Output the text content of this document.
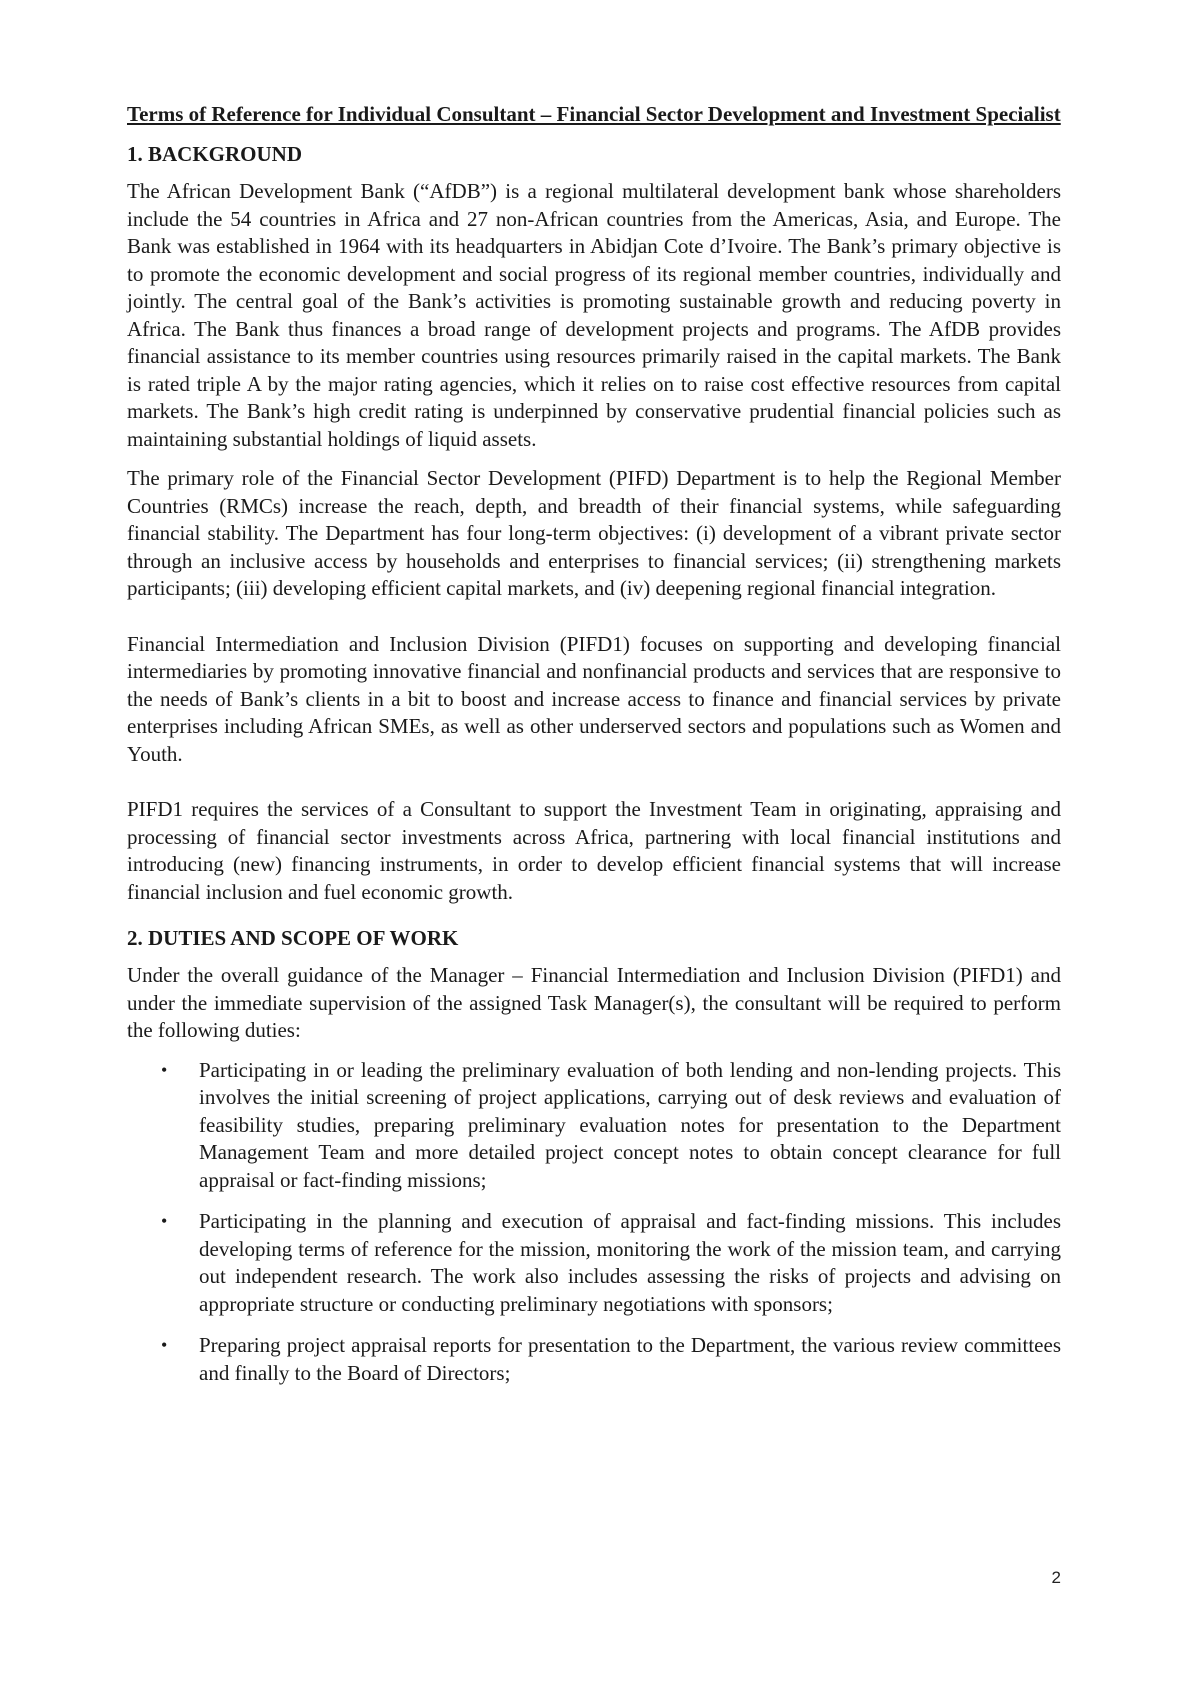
Terms of Reference for Individual Consultant – Financial Sector Development and Investment Specialist
1. BACKGROUND

The African Development Bank (“AfDB”) is a regional multilateral development bank whose shareholders include the 54 countries in Africa and 27 non-African countries from the Americas, Asia, and Europe. The Bank was established in 1964 with its headquarters in Abidjan Cote d’Ivoire. The Bank’s primary objective is to promote the economic development and social progress of its regional member countries, individually and jointly. The central goal of the Bank’s activities is promoting sustainable growth and reducing poverty in Africa. The Bank thus finances a broad range of development projects and programs. The AfDB provides financial assistance to its member countries using resources primarily raised in the capital markets. The Bank is rated triple A by the major rating agencies, which it relies on to raise cost effective resources from capital markets. The Bank’s high credit rating is underpinned by conservative prudential financial policies such as maintaining substantial holdings of liquid assets.

The primary role of the Financial Sector Development (PIFD) Department is to help the Regional Member Countries (RMCs) increase the reach, depth, and breadth of their financial systems, while safeguarding financial stability. The Department has four long-term objectives: (i) development of a vibrant private sector through an inclusive access by households and enterprises to financial services; (ii) strengthening markets participants; (iii) developing efficient capital markets, and (iv) deepening regional financial integration.

Financial Intermediation and Inclusion Division (PIFD1) focuses on supporting and developing financial intermediaries by promoting innovative financial and nonfinancial products and services that are responsive to the needs of Bank’s clients in a bit to boost and increase access to finance and financial services by private enterprises including African SMEs, as well as other underserved sectors and populations such as Women and Youth.

PIFD1 requires the services of a Consultant to support the Investment Team in originating, appraising and processing of financial sector investments across Africa, partnering with local financial institutions and introducing (new) financing instruments, in order to develop efficient financial systems that will increase financial inclusion and fuel economic growth.

2. DUTIES AND SCOPE OF WORK

Under the overall guidance of the Manager – Financial Intermediation and Inclusion Division (PIFD1) and under the immediate supervision of the assigned Task Manager(s), the consultant will be required to perform the following duties:

• Participating in or leading the preliminary evaluation of both lending and non-lending projects. This involves the initial screening of project applications, carrying out of desk reviews and evaluation of feasibility studies, preparing preliminary evaluation notes for presentation to the Department Management Team and more detailed project concept notes to obtain concept clearance for full appraisal or fact-finding missions;
• Participating in the planning and execution of appraisal and fact-finding missions. This includes developing terms of reference for the mission, monitoring the work of the mission team, and carrying out independent research. The work also includes assessing the risks of projects and advising on appropriate structure or conducting preliminary negotiations with sponsors;
• Preparing project appraisal reports for presentation to the Department, the various review committees and finally to the Board of Directors;
2
